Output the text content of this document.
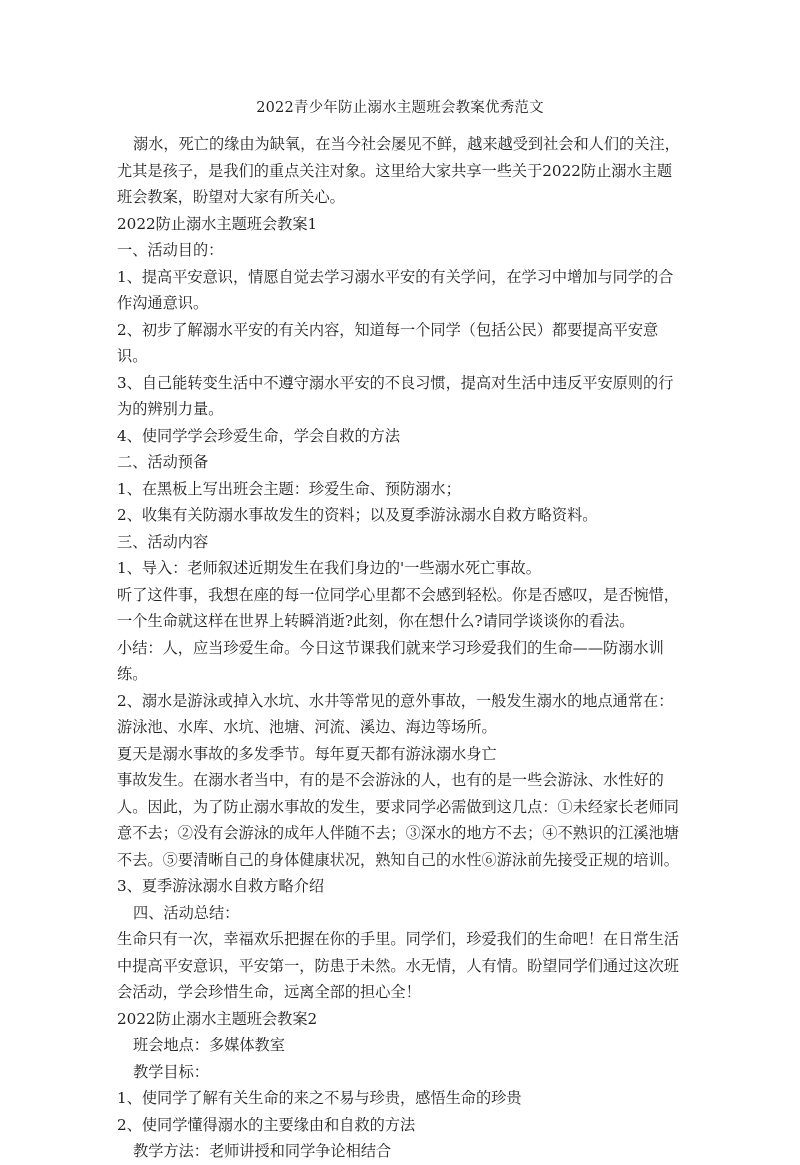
2022青少年防止溺水主题班会教案优秀范文

溺水，死亡的缘由为缺氧，在当今社会屡见不鲜，越来越受到社会和人们的关注，尤其是孩子，是我们的重点关注对象。这里给大家共享一些关于2022防止溺水主题班会教案，盼望对大家有所关心。

2022防止溺水主题班会教案1

一、活动目的：

1、提高平安意识，情愿自觉去学习溺水平安的有关学问，在学习中增加与同学的合作沟通意识。

2、初步了解溺水平安的有关内容，知道每一个同学（包括公民）都要提高平安意识。

3、自己能转变生活中不遵守溺水平安的不良习惯，提高对生活中违反平安原则的行为的辨别力量。

4、使同学学会珍爱生命，学会自救的方法

二、活动预备

1、在黑板上写出班会主题：珍爱生命、预防溺水；

2、收集有关防溺水事故发生的资料；以及夏季游泳溺水自救方略资料。

三、活动内容

1、导入：老师叙述近期发生在我们身边的'一些溺水死亡事故。

听了这件事，我想在座的每一位同学心里都不会感到轻松。你是否感叹，是否惋惜，一个生命就这样在世界上转瞬消逝?此刻，你在想什么?请同学谈谈你的看法。

小结：人，应当珍爱生命。今日这节课我们就来学习珍爱我们的生命——防溺水训练。

2、溺水是游泳或掉入水坑、水井等常见的意外事故，一般发生溺水的地点通常在：游泳池、水库、水坑、池塘、河流、溪边、海边等场所。

夏天是溺水事故的多发季节。每年夏天都有游泳溺水身亡

事故发生。在溺水者当中，有的是不会游泳的人，也有的是一些会游泳、水性好的人。因此，为了防止溺水事故的发生，要求同学必需做到这几点：①未经家长老师同意不去；②没有会游泳的成年人伴随不去；③深水的地方不去；④不熟识的江溪池塘不去。⑤要清晰自己的身体健康状况，熟知自己的水性⑥游泳前先接受正规的培训。

3、夏季游泳溺水自救方略介绍

四、活动总结：

生命只有一次，幸福欢乐把握在你的手里。同学们，珍爱我们的生命吧！在日常生活中提高平安意识，平安第一，防患于未然。水无情，人有情。盼望同学们通过这次班会活动，学会珍惜生命，远离全部的担心全！

2022防止溺水主题班会教案2

班会地点：多媒体教室

教学目标：

1、使同学了解有关生命的来之不易与珍贵，感悟生命的珍贵

2、使同学懂得溺水的主要缘由和自救的方法

教学方法：老师讲授和同学争论相结合
